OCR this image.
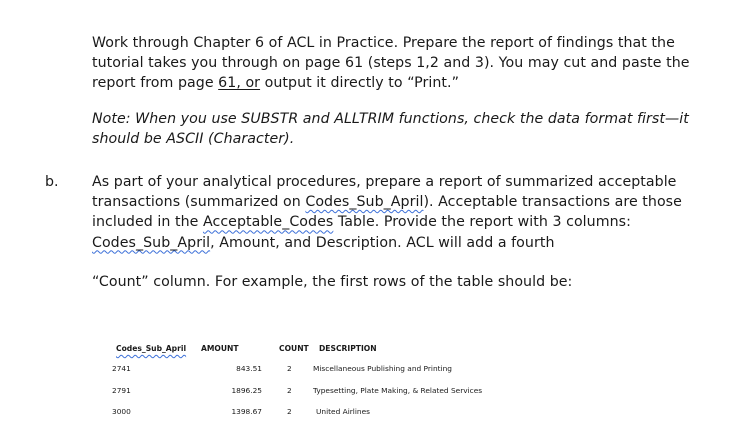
Work through Chapter 6 of ACL in Practice. Prepare the report of findings that the tutorial takes you through on page 61 (steps 1,2 and 3). You may cut and paste the report from page 61, or output it directly to “Print.”

Note: When you use SUBSTR and ALLTRIM functions, check the data format first—it should be ASCII (Character).

b. As part of your analytical procedures, prepare a report of summarized acceptable transactions (summarized on Codes_Sub_April). Acceptable transactions are those included in the Acceptable_Codes Table. Provide the report with 3 columns: Codes_Sub_April, Amount, and Description. ACL will add a fourth

“Count” column. For example, the first rows of the table should be:

Codes_Sub_April AMOUNT	COUNT DESCRIPTION
2741	843.51	2	Miscellaneous Publishing and Printing
2791	1896.25	2	Typesetting, Plate Making, & Related Services
3000	1398.67	2	United Airlines
